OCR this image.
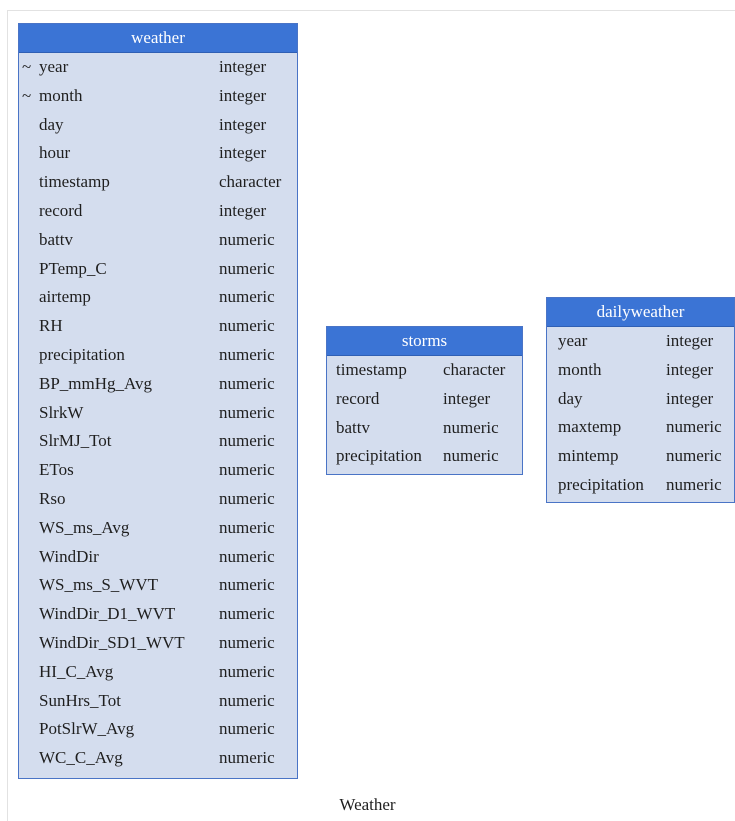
weather
~ year	integer
~ month	integer
day	integer
hour	integer
timestamp	character
record	integer
battv	numeric
PTemp_C	numeric
airtemp	numeric
RH	numeric
precipitation	numeric
BP_mmHg_Avg	numeric
SlrkW	numeric
SlrMJ_Tot	numeric
ETos	numeric
Rso	numeric
WS_ms_Avg	numeric
WindDir	numeric
WS_ms_S_WVT	numeric
WindDir_D1_WVT	numeric
WindDir_SD1_WVT numeric
HI_C_Avg	numeric
SunHrs_Tot	numeric
PotSlrW_Avg	numeric
WC_C_Avg	numeric
storms
timestamp character
record	integer
battv	numeric
precipitation numeric
dailyweather
year	integer
month	integer
day	integer
maxtemp	numeric
mintemp	numeric
precipitation numeric
Weather
